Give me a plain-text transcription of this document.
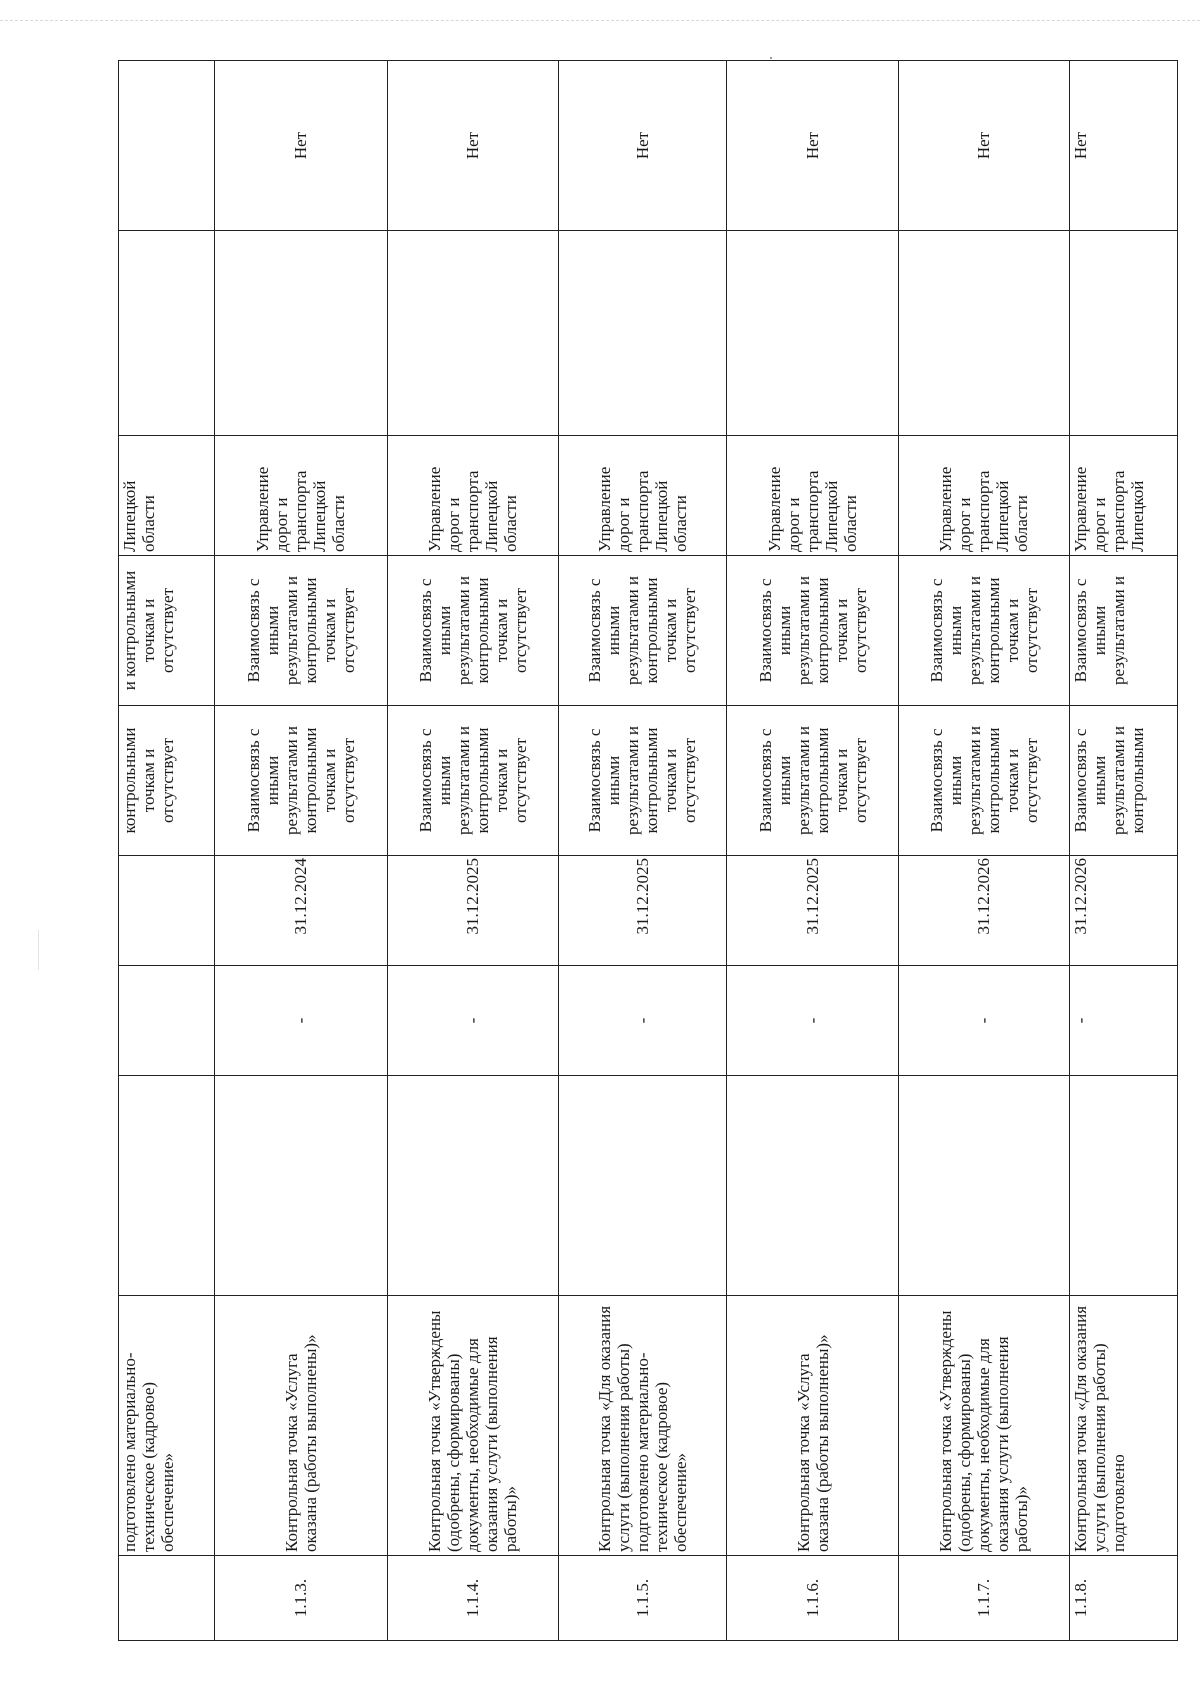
	подготовлено материально-техническое (кадровое) обеспечение»				контрольными точкам и отсутствует	и контрольными точкам и отсутствует	Липецкой области		
1.1.3.	Контрольная точка «Услуга оказана (работы выполнены)»		-	31.12.2024	Взаимосвязь с иными результатами и контрольными точкам и отсутствует	Взаимосвязь с иными результатами и контрольными точкам и отсутствует	Управление дорог и транспорта Липецкой области		Нет
1.1.4.	Контрольная точка «Утверждены (одобрены, сформированы) документы, необходимые для оказания услуги (выполнения работы)»		-	31.12.2025	Взаимосвязь с иными результатами и контрольными точкам и отсутствует	Взаимосвязь с иными результатами и контрольными точкам и отсутствует	Управление дорог и транспорта Липецкой области		Нет
1.1.5.	Контрольная точка «Для оказания услуги (выполнения работы) подготовлено материально-техническое (кадровое) обеспечение»		-	31.12.2025	Взаимосвязь с иными результатами и контрольными точкам и отсутствует	Взаимосвязь с иными результатами и контрольными точкам и отсутствует	Управление дорог и транспорта Липецкой области		Нет
1.1.6.	Контрольная точка «Услуга оказана (работы выполнены)»		-	31.12.2025	Взаимосвязь с иными результатами и контрольными точкам и отсутствует	Взаимосвязь с иными результатами и контрольными точкам и отсутствует	Управление дорог и транспорта Липецкой области		Нет
1.1.7.	Контрольная точка «Утверждены (одобрены, сформированы) документы, необходимые для оказания услуги (выполнения работы)»		-	31.12.2026	Взаимосвязь с иными результатами и контрольными точкам и отсутствует	Взаимосвязь с иными результатами и контрольными точкам и отсутствует	Управление дорог и транспорта Липецкой области		Нет
1.1.8.	Контрольная точка «Для оказания услуги (выполнения работы) подготовлено		-	31.12.2026	Взаимосвязь с иными результатами и контрольными	Взаимосвязь с иными результатами и	Управление дорог и транспорта Липецкой		Нет
